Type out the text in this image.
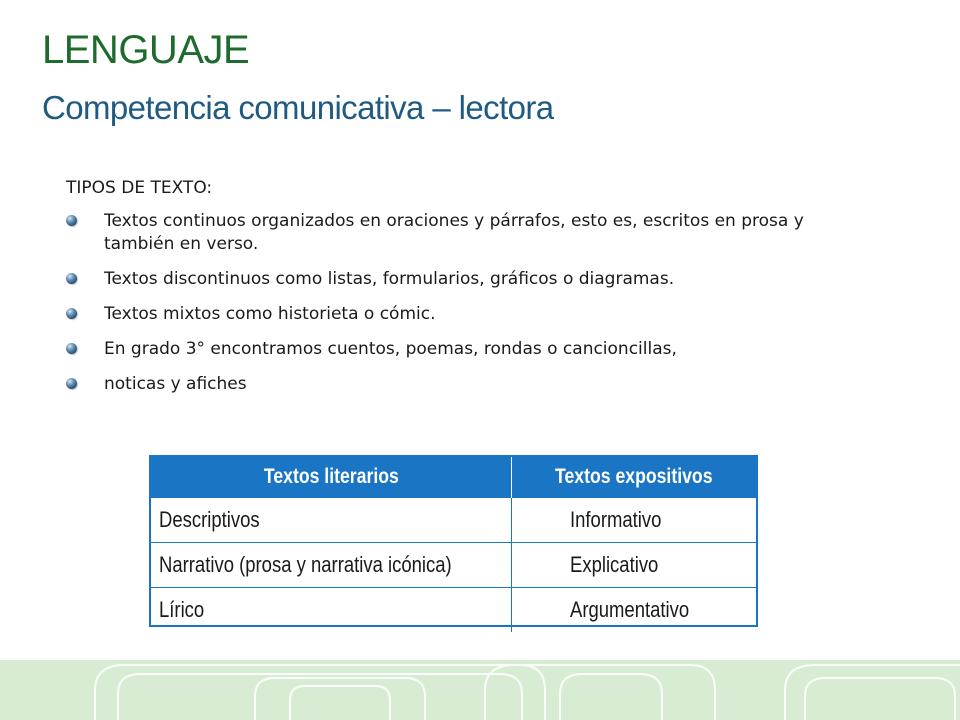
LENGUAJE
Competencia comunicativa – lectora
TIPOS DE TEXTO:
Textos continuos organizados en oraciones y párrafos, esto es, escritos en prosa y también en verso.
Textos discontinuos como listas, formularios, gráficos o diagramas.
Textos mixtos como historieta o cómic.
En grado 3° encontramos cuentos, poemas, rondas o cancioncillas,
noticas y afiches
Textos literarios	Textos expositivos
Descriptivos	Informativo
Narrativo (prosa y narrativa icónica)	Explicativo
Lírico	Argumentativo
